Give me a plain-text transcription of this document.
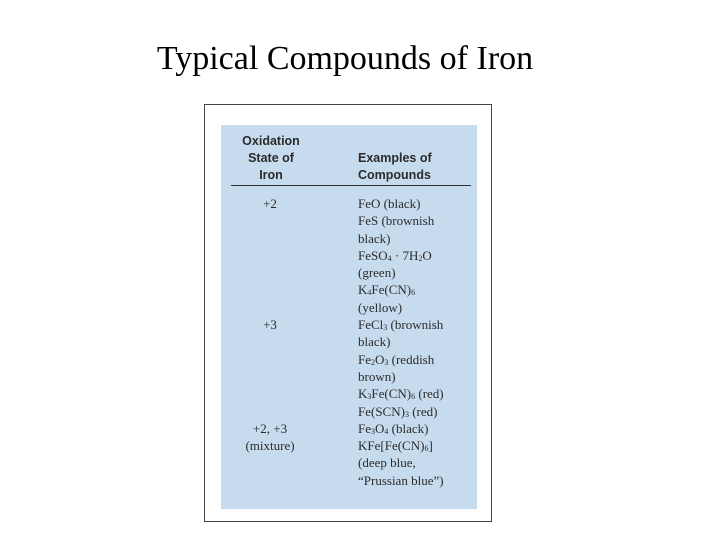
Typical Compounds of Iron
Oxidation
State of
Iron
Examples of
Compounds
+2
+3
+2, +3
(mixture)
FeO (black)
FeS (brownish
black)
FeSO$_4$ · $7H_2O$
(green)
$K_4Fe(CN)_6$
(yellow)
FeCl$_3$ (brownish
black)
$Fe_2O_3$ (reddish
brown)
$K_3Fe(CN)_6$ (red)
$Fe(SCN)_3$ (red)
$Fe_3O_4$ (black)
$KFe[Fe(CN)_6]$
(deep blue,
“Prussian blue”)
